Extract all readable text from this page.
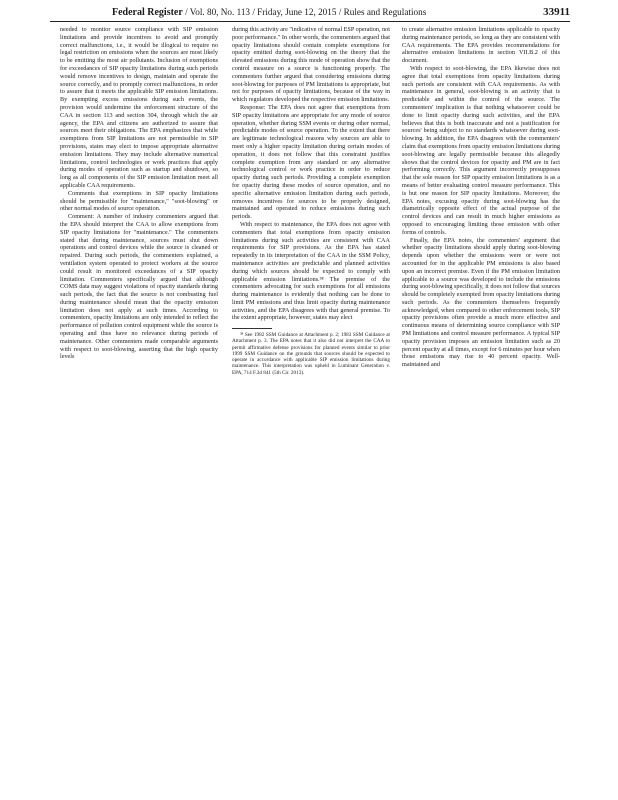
Federal Register / Vol. 80, No. 113 / Friday, June 12, 2015 / Rules and Regulations	33911

needed to monitor source compliance with SIP emission limitations and provide incentives to avoid and promptly correct malfunctions, i.e., it would be illogical to require no legal restriction on emissions when the sources are most likely to be emitting the most air pollutants. Inclusion of exemptions for exceedances of SIP opacity limitations during such periods would remove incentives to design, maintain and operate the source correctly, and to promptly correct malfunctions, in order to assure that it meets the applicable SIP emission limitations. By exempting excess emissions during such events, the provision would undermine the enforcement structure of the CAA in section 113 and section 304, through which the air agency, the EPA and citizens are authorized to assure that sources meet their obligations. The EPA emphasizes that while exemptions from SIP limitations are not permissible in SIP provisions, states may elect to impose appropriate alternative emission limitations. They may include alternative numerical limitations, control technologies or work practices that apply during modes of operation such as startup and shutdown, so long as all components of the SIP emission limitation meet all applicable CAA requirements.

Comments that exemptions in SIP opacity limitations should be permissible for "maintenance," "soot-blowing" or other normal modes of source operation.

Comment: A number of industry commenters argued that the EPA should interpret the CAA to allow exemptions from SIP opacity limitations for "maintenance." The commenters stated that during maintenance, sources must shut down operations and control devices while the source is cleaned or repaired. During such periods, the commenters explained, a ventilation system operated to protect workers at the source could result in monitored exceedances of a SIP opacity limitation. Commenters specifically argued that although COMS data may suggest violations of opacity standards during such periods, the fact that the source is not combusting fuel during maintenance should mean that the opacity emission limitation does not apply at such times. According to commenters, opacity limitations are only intended to reflect the performance of pollution control equipment while the source is operating and thus have no relevance during periods of maintenance. Other commenters made comparable arguments with respect to soot-blowing, asserting that the high opacity levels

during this activity are "indicative of normal ESP operation, not poor performance." In other words, the commenters argued that opacity limitations should contain complete exemptions for opacity emitted during soot-blowing on the theory that the elevated emissions during this mode of operation show that the control measure on a source is functioning properly. The commenters further argued that considering emissions during soot-blowing for purposes of PM limitations is appropriate, but not for purposes of opacity limitations, because of the way in which regulators developed the respective emission limitations.

Response: The EPA does not agree that exemptions from SIP opacity limitations are appropriate for any mode of source operation, whether during SSM events or during other normal, predictable modes of source operation. To the extent that there are legitimate technological reasons why sources are able to meet only a higher opacity limitation during certain modes of operation, it does not follow that this constraint justifies complete exemption from any standard or any alternative technological control or work practice in order to reduce opacity during such periods. Providing a complete exemption for opacity during these modes of source operation, and no specific alternative emission limitation during such periods, removes incentives for sources to be properly designed, maintained and operated to reduce emissions during such periods.

With respect to maintenance, the EPA does not agree with commenters that total exemptions from opacity emission limitations during such activities are consistent with CAA requirements for SIP provisions. As the EPA has stated repeatedly in its interpretation of the CAA in the SSM Policy, maintenance activities are predictable and planned activities during which sources should be expected to comply with applicable emission limitations.³⁸ The premise of the commenters advocating for such exemptions for all emissions during maintenance is evidently that nothing can be done to limit PM emissions and thus limit opacity during maintenance activities, and the EPA disagrees with that general premise. To the extent appropriate, however, states may elect

³⁸ See 1982 SSM Guidance at Attachment p. 2; 1983 SSM Guidance at Attachment p. 3. The EPA notes that it also did not interpret the CAA to permit affirmative defense provisions for planned events similar to prior 1999 SSM Guidance on the grounds that sources should be expected to operate in accordance with applicable SIP emission limitations during maintenance. This interpretation was upheld in Luminant Generation v. EPA, 714 F.3d 841 (5th Cir. 2013).

to create alternative emission limitations applicable to opacity during maintenance periods, so long as they are consistent with CAA requirements. The EPA provides recommendations for alternative emission limitations in section VII.B.2 of this document.

With respect to soot-blowing, the EPA likewise does not agree that total exemptions from opacity limitations during such periods are consistent with CAA requirements. As with maintenance in general, soot-blowing is an activity that is predictable and within the control of the source. The commenters' implication is that nothing whatsoever could be done to limit opacity during such activities, and the EPA believes that this is both inaccurate and not a justification for sources' being subject to no standards whatsoever during soot-blowing. In addition, the EPA disagrees with the commenters' claim that exemptions from opacity emission limitations during soot-blowing are legally permissible because this allegedly shows that the control devices for opacity and PM are in fact performing correctly. This argument incorrectly presupposes that the sole reason for SIP opacity emission limitations is as a means of better evaluating control measure performance. This is but one reason for SIP opacity limitations. Moreover, the EPA notes, excusing opacity during soot-blowing has the diametrically opposite effect of the actual purpose of the control devices and can result in much higher emissions as opposed to encouraging limiting those emission with other forms of controls.

Finally, the EPA notes, the commenters' argument that whether opacity limitations should apply during soot-blowing depends upon whether the emissions were or were not accounted for in the applicable PM emissions is also based upon an incorrect premise. Even if the PM emission limitation applicable to a source was developed to include the emissions during soot-blowing specifically, it does not follow that sources should be completely exempted from opacity limitations during such periods. As the commenters themselves frequently acknowledged, when compared to other enforcement tools, SIP opacity provisions often provide a much more effective and continuous means of determining source compliance with SIP PM limitations and control measure performance. A typical SIP opacity provision imposes an emission limitation such as 20 percent opacity at all times, except for 6 minutes per hour when those emissions may rise to 40 percent opacity. Well-maintained and
